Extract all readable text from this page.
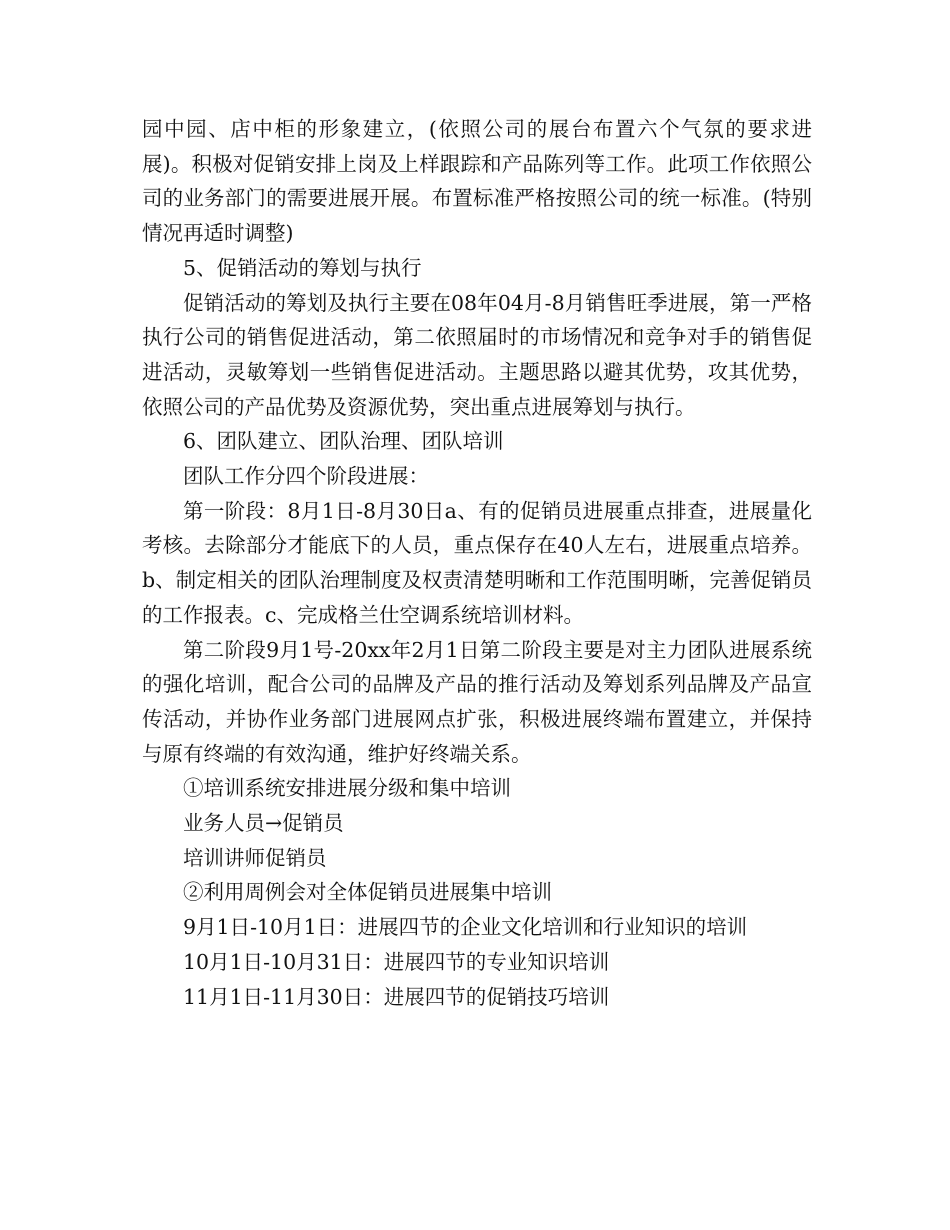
园中园、店中柜的形象建立，(依照公司的展台布置六个气氛的要求进展)。积极对促销安排上岗及上样跟踪和产品陈列等工作。此项工作依照公司的业务部门的需要进展开展。布置标准严格按照公司的统一标准。(特别情况再适时调整)

5、促销活动的筹划与执行

促销活动的筹划及执行主要在08年04月-8月销售旺季进展，第一严格执行公司的销售促进活动，第二依照届时的市场情况和竞争对手的销售促进活动，灵敏筹划一些销售促进活动。主题思路以避其优势，攻其优势，依照公司的产品优势及资源优势，突出重点进展筹划与执行。

6、团队建立、团队治理、团队培训

团队工作分四个阶段进展：

第一阶段：8月1日-8月30日a、有的促销员进展重点排查，进展量化考核。去除部分才能底下的人员，重点保存在40人左右，进展重点培养。b、制定相关的团队治理制度及权责清楚明晰和工作范围明晰，完善促销员的工作报表。c、完成格兰仕空调系统培训材料。

第二阶段9月1号-20xx年2月1日第二阶段主要是对主力团队进展系统的强化培训，配合公司的品牌及产品的推行活动及筹划系列品牌及产品宣传活动，并协作业务部门进展网点扩张，积极进展终端布置建立，并保持与原有终端的有效沟通，维护好终端关系。

①培训系统安排进展分级和集中培训

业务人员→促销员

培训讲师促销员

②利用周例会对全体促销员进展集中培训

9月1日-10月1日：进展四节的企业文化培训和行业知识的培训

10月1日-10月31日：进展四节的专业知识培训

11月1日-11月30日：进展四节的促销技巧培训
